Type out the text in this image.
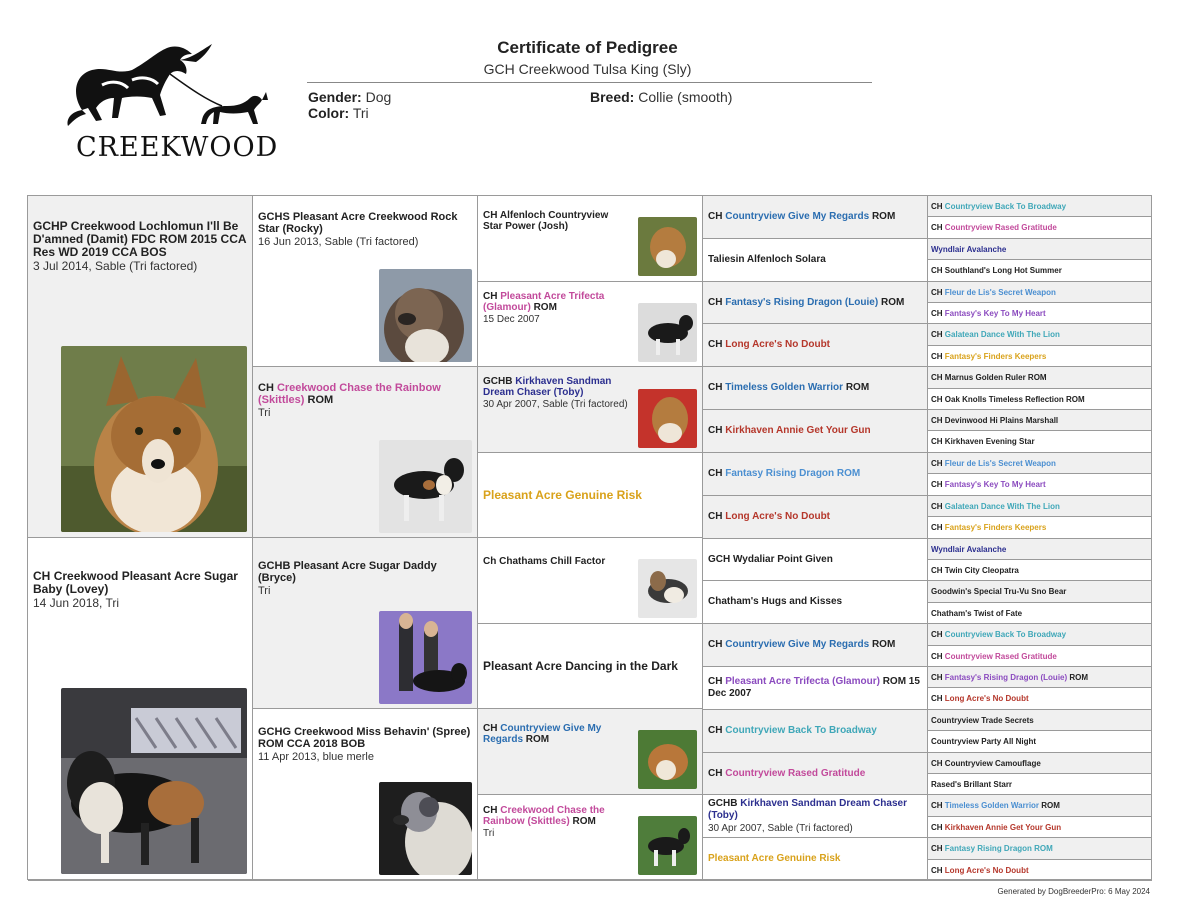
CREEKWOOD
Certificate of Pedigree
GCH Creekwood Tulsa King (Sly)
Gender: Dog
Color: Tri
Breed: Collie (smooth)
GCHP Creekwood Lochlomun I'll Be D'amned (Damit) FDC ROM 2015 CCA Res WD 2019 CCA BOS
3 Jul 2014, Sable (Tri factored)
CH Creekwood Pleasant Acre Sugar Baby (Lovey)
14 Jun 2018, Tri
GCHS Pleasant Acre Creekwood Rock Star (Rocky)
16 Jun 2013, Sable (Tri factored)
CH Creekwood Chase the Rainbow (Skittles) ROM
Tri
GCHB Pleasant Acre Sugar Daddy (Bryce)
Tri
GCHG Creekwood Miss Behavin' (Spree) ROM CCA 2018 BOB
11 Apr 2013, blue merle
CH Alfenloch Countryview Star Power (Josh)
CH Pleasant Acre Trifecta (Glamour) ROM
15 Dec 2007
GCHB Kirkhaven Sandman Dream Chaser (Toby)
30 Apr 2007, Sable (Tri factored)
Pleasant Acre Genuine Risk
Ch Chathams Chill Factor
Pleasant Acre Dancing in the Dark
CH Countryview Give My Regards ROM
CH Creekwood Chase the Rainbow (Skittles) ROM
Tri
CH Countryview Give My Regards ROM
Taliesin Alfenloch Solara
CH Fantasy's Rising Dragon (Louie) ROM
CH Long Acre's No Doubt
CH Timeless Golden Warrior ROM
CH Kirkhaven Annie Get Your Gun
CH Fantasy Rising Dragon ROM
CH Long Acre's No Doubt
GCH Wydaliar Point Given
Chatham's Hugs and Kisses
CH Countryview Give My Regards ROM
CH Pleasant Acre Trifecta (Glamour) ROM 15 Dec 2007
CH Countryview Back To Broadway
CH Countryview Rased Gratitude
GCHB Kirkhaven Sandman Dream Chaser (Toby)
30 Apr 2007, Sable (Tri factored)
Pleasant Acre Genuine Risk
CH Countryview Back To Broadway
CH Countryview Rased Gratitude
Wyndlair Avalanche
CH Southland's Long Hot Summer
CH Fleur de Lis's Secret Weapon
CH Fantasy's Key To My Heart
CH Galatean Dance With The Lion
CH Fantasy's Finders Keepers
CH Marnus Golden Ruler ROM
CH Oak Knolls Timeless Reflection ROM
CH Devinwood Hi Plains Marshall
CH Kirkhaven Evening Star
CH Fleur de Lis's Secret Weapon
CH Fantasy's Key To My Heart
CH Galatean Dance With The Lion
CH Fantasy's Finders Keepers
Wyndlair Avalanche
CH Twin City Cleopatra
Goodwin's Special Tru-Vu Sno Bear
Chatham's Twist of Fate
CH Countryview Back To Broadway
CH Countryview Rased Gratitude
CH Fantasy's Rising Dragon (Louie) ROM
CH Long Acre's No Doubt
Countryview Trade Secrets
Countryview Party All Night
CH Countryview Camouflage
Rased's Brillant Starr
CH Timeless Golden Warrior ROM
CH Kirkhaven Annie Get Your Gun
CH Fantasy Rising Dragon ROM
CH Long Acre's No Doubt
Generated by DogBreederPro: 6 May 2024
